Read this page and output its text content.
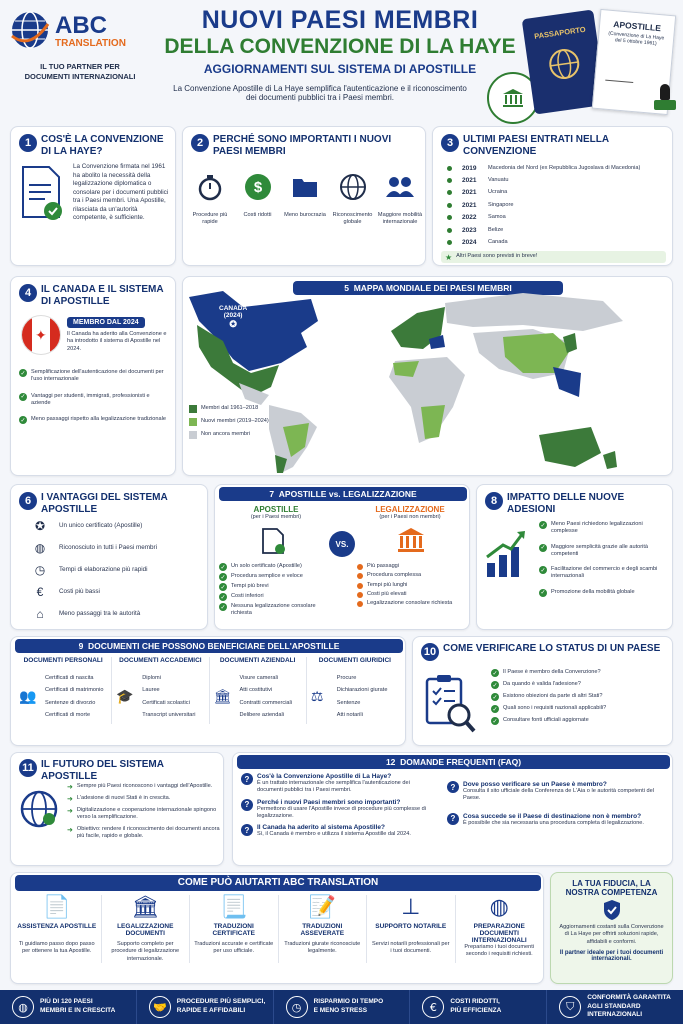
ABC
TRANSLATION
IL TUO PARTNER PER
DOCUMENTI INTERNAZIONALI
NUOVI PAESI MEMBRI
DELLA CONVENZIONE DI LA HAYE
AGGIORNAMENTI SUL SISTEMA DI APOSTILLE
La Convenzione Apostille di La Haye semplifica l'autenticazione e il riconoscimento
dei documenti pubblici tra i Paesi membri.
PASSAPORTO	APOSTILLE
(Convenzione di La Haye del 5 ottobre 1961)
1 COS'È LA CONVENZIONE DI LA HAYE?
La Convenzione firmata nel 1961 ha abolito la necessità della legalizzazione diplomatica o consolare per i documenti pubblici tra i Paesi membri. Una Apostille, rilasciata da un'autorità competente, è sufficiente.
2 PERCHÉ SONO IMPORTANTI I NUOVI PAESI MEMBRI
Procedure più rapide
$
Costi ridotti	Meno burocrazia	Riconoscimento globale
Maggiore mobilità internazionale
3 ULTIMI PAESI ENTRATI NELLA CONVENZIONE
2019	Macedonia del Nord (ex Repubblica Jugoslava di Macedonia)
2021	Vanuatu
2021	Ucraina
2021	Singapore
2022	Samoa
2023	Belize
2024	Canada
★ Altri Paesi sono previsti in breve!
4 IL CANADA E IL SISTEMA DI APOSTILLE
✦
MEMBRO DAL 2024
Il Canada ha aderito alla Convenzione e ha introdotto il sistema di Apostille nel 2024.
✓ Semplificazione dell'autenticazione dei documenti per l'uso internazionale
✓ Vantaggi per studenti, immigrati, professionisti e aziende
✓ Meno passaggi rispetto alla legalizzazione tradizionale
5 MAPPA MONDIALE DEI PAESI MEMBRI
CANADA
(2024)
✪
Membri dal 1961–2018
Nuovi membri (2019–2024)
Non ancora membri
6 I VANTAGGI DEL SISTEMA APOSTILLE
✪	Un unico certificato (Apostille)
◍	Riconosciuto in tutti i Paesi membri
◷	Tempi di elaborazione più rapidi
€	Costi più bassi
⌂	Meno passaggi tra le autorità
7 APOSTILLE vs. LEGALIZZAZIONE
APOSTILLE
(per i Paesi membri)
LEGALIZZAZIONE
(per i Paesi non membri)
VS.
✓ Un solo certificato (Apostille)
✓ Procedura semplice e veloce
✓ Tempi più brevi
✓ Costi inferiori
✓ Nessuna legalizzazione consolare richiesta
Più passaggi
Procedura complessa
Tempi più lunghi
Costi più elevati
Legalizzazione consolare richiesta
8 IMPATTO DELLE NUOVE ADESIONI
✓ Meno Paesi richiedono legalizzazioni complesse
✓ Maggiore semplicità grazie alle autorità competenti
✓ Facilitazione del commercio e degli scambi internazionali
✓ Promozione della mobilità globale
9 DOCUMENTI CHE POSSONO BENEFICIARE DELL'APOSTILLE
DOCUMENTI PERSONALI
👥
Certificati di nascita
Certificati di matrimonio
Sentenze di divorzio
Certificati di morte
DOCUMENTI ACCADEMICI
🎓
Diplomi
Lauree
Certificati scolastici
Transcript universitari
DOCUMENTI AZIENDALI
🏛
Visure camerali
Atti costitutivi
Contratti commerciali
Delibere aziendali
DOCUMENTI GIURIDICI
⚖
Procure
Dichiarazioni giurate
Sentenze
Atti notarili
10 COME VERIFICARE LO STATUS DI UN PAESE
✓ Il Paese è membro della Convenzione?
✓ Da quando è valida l'adesione?
✓ Esistono obiezioni da parte di altri Stati?
✓ Quali sono i requisiti nazionali applicabili?
✓ Consultare fonti ufficiali aggiornate
11 IL FUTURO DEL SISTEMA APOSTILLE
➜ Sempre più Paesi riconoscono i vantaggi dell'Apostille.
➜ L'adesione di nuovi Stati è in crescita.
➜ Digitalizzazione e cooperazione internazionale spingono verso la semplificazione.
➜ Obiettivo: rendere il riconoscimento dei documenti ancora più facile, rapido e globale.
12 DOMANDE FREQUENTI (FAQ)
?	Cos'è la Convenzione Apostille di La Haye?
È un trattato internazionale che semplifica l'autenticazione dei documenti pubblici tra i Paesi membri.
?	Perché i nuovi Paesi membri sono importanti?
Permettono di usare l'Apostille invece di procedure più complesse di legalizzazione.
?	Il Canada ha aderito al sistema Apostille?
Sì, il Canada è membro e utilizza il sistema Apostille dal 2024.
?	Dove posso verificare se un Paese è membro?
Consulta il sito ufficiale della Conferenza de L'Aia o le autorità competenti del Paese.
?	Cosa succede se il Paese di destinazione non è membro?
È possibile che sia necessaria una procedura completa di legalizzazione.
COME PUÒ AIUTARTI ABC TRANSLATION
📄
ASSISTENZA APOSTILLE
Ti guidiamo passo dopo passo per ottenere la tua Apostille.
🏛
LEGALIZZAZIONE DOCUMENTI
Supporto completo per procedure di legalizzazione internazionale.
📃
TRADUZIONI CERTIFICATE
Traduzioni accurate e certificate per uso ufficiale.
📝
TRADUZIONI ASSEVERATE
Traduzioni giurate riconosciute legalmente.
⊥
SUPPORTO NOTARILE
Servizi notarili professionali per i tuoi documenti.
◍
PREPARAZIONE DOCUMENTI INTERNAZIONALI
Prepariamo i tuoi documenti secondo i requisiti richiesti.
LA TUA FIDUCIA, LA NOSTRA COMPETENZA
Aggiornamenti costanti sulla Convenzione di La Haye per offrirti soluzioni rapide, affidabili e conformi.
Il partner ideale per i tuoi documenti internazionali.
◍	PIÙ DI 120 PAESI
MEMBRI E IN CRESCITA	🤝	PROCEDURE PIÙ SEMPLICI,
RAPIDE E AFFIDABILI	◷	RISPARMIO DI TEMPO
E MENO STRESS	€	COSTI RIDOTTI,
PIÙ EFFICIENZA	⛉
CONFORMITÀ GARANTITA
AGLI STANDARD INTERNAZIONALI
